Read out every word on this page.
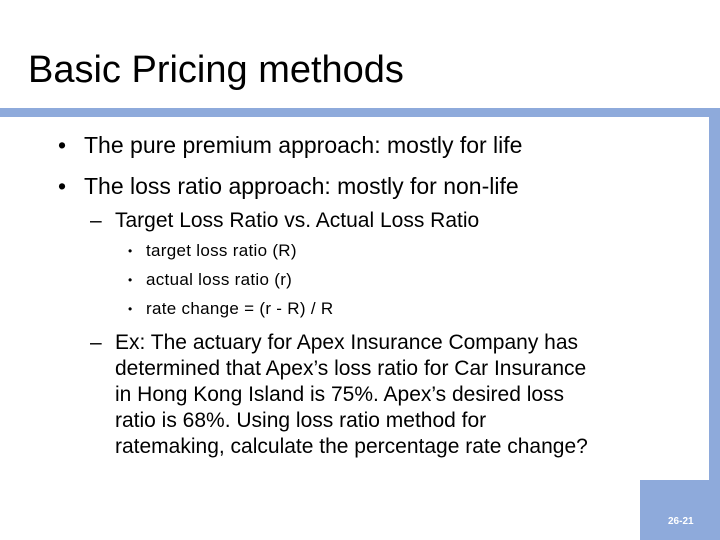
Basic Pricing methods
• The pure premium approach: mostly for life
• The loss ratio approach: mostly for non-life
– Target Loss Ratio vs. Actual Loss Ratio
• target loss ratio (R)
• actual loss ratio (r)
• rate change = (r - R) / R
– Ex: The actuary for Apex Insurance Company has
determined that Apex’s loss ratio for Car Insurance
in Hong Kong Island is 75%. Apex’s desired loss
ratio is 68%. Using loss ratio method for
ratemaking, calculate the percentage rate change?
26-21
